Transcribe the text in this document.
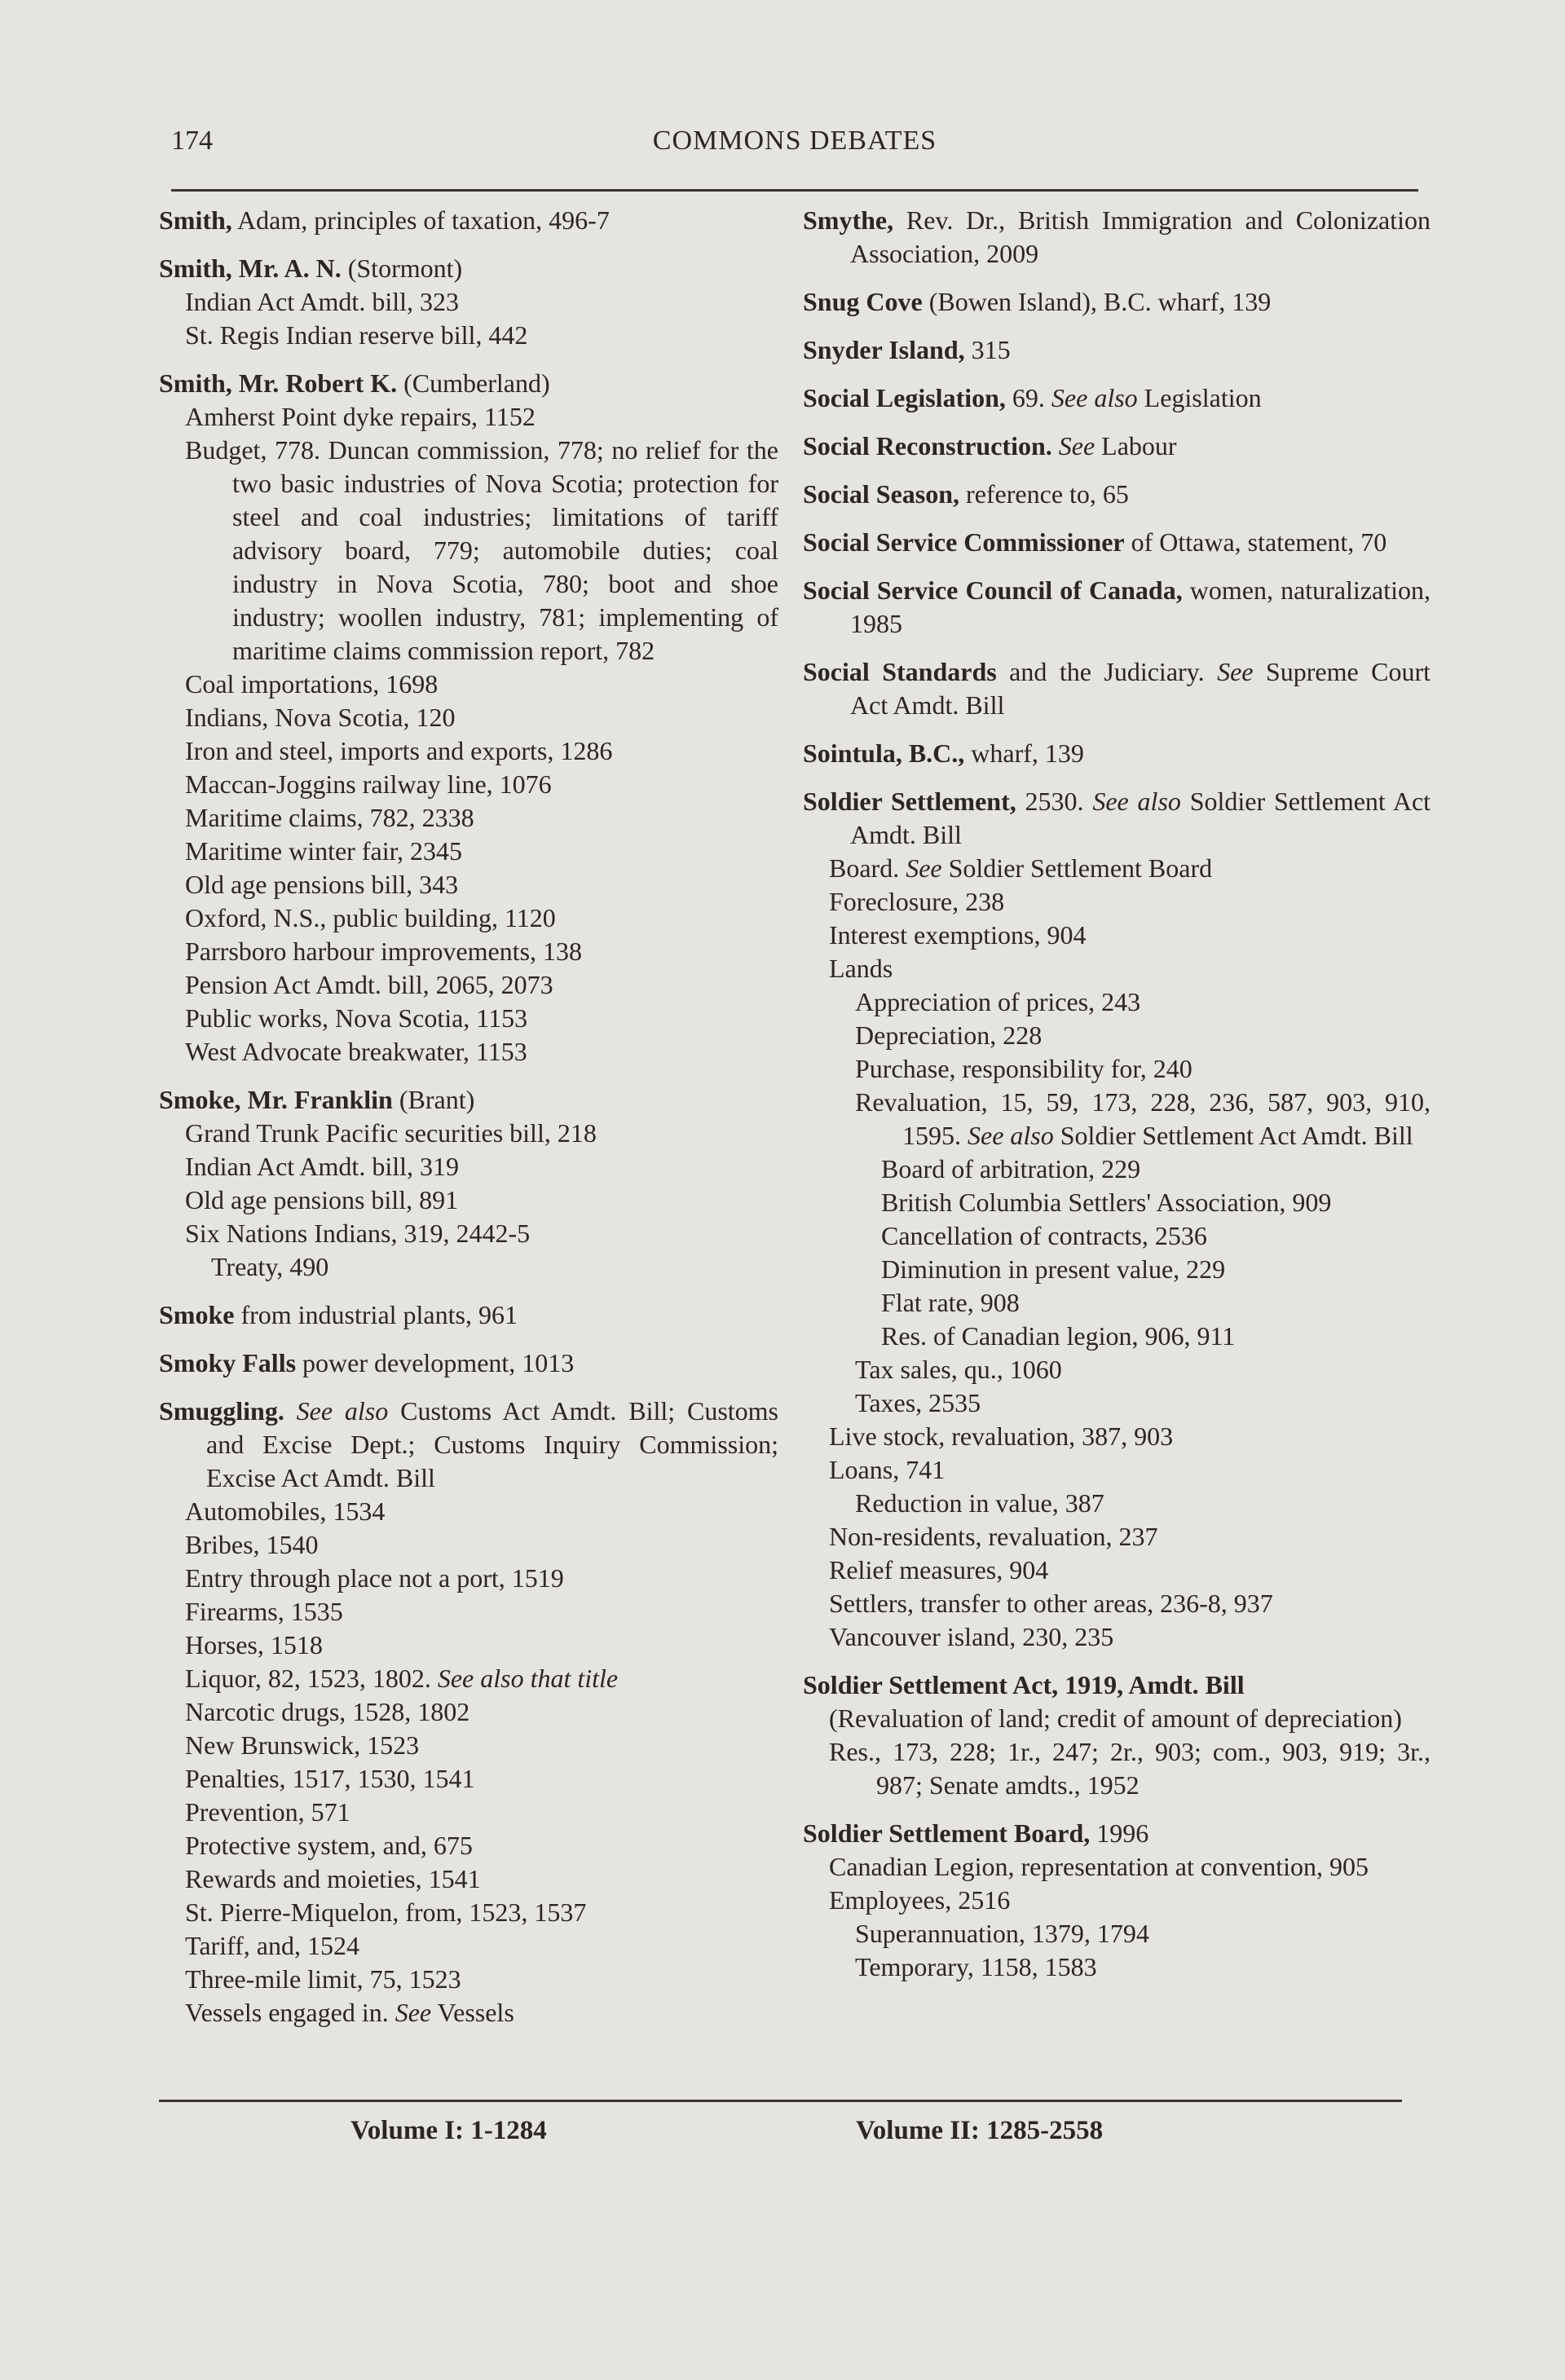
174	COMMONS DEBATES
Smith, Adam, principles of taxation, 496-7
Smith, Mr. A. N. (Stormont)
Indian Act Amdt. bill, 323
St. Regis Indian reserve bill, 442
Smith, Mr. Robert K. (Cumberland)
Amherst Point dyke repairs, 1152
Budget, 778. Duncan commission, 778; no relief for the two basic industries of Nova Scotia; protection for steel and coal industries; limitations of tariff advisory board, 779; automobile duties; coal industry in Nova Scotia, 780; boot and shoe industry; woollen industry, 781; implementing of maritime claims commission report, 782
Coal importations, 1698
Indians, Nova Scotia, 120
Iron and steel, imports and exports, 1286
Maccan-Joggins railway line, 1076
Maritime claims, 782, 2338
Maritime winter fair, 2345
Old age pensions bill, 343
Oxford, N.S., public building, 1120
Parrsboro harbour improvements, 138
Pension Act Amdt. bill, 2065, 2073
Public works, Nova Scotia, 1153
West Advocate breakwater, 1153
Smoke, Mr. Franklin (Brant)
Grand Trunk Pacific securities bill, 218
Indian Act Amdt. bill, 319
Old age pensions bill, 891
Six Nations Indians, 319, 2442-5
Treaty, 490
Smoke from industrial plants, 961
Smoky Falls power development, 1013
Smuggling. See also Customs Act Amdt. Bill; Customs and Excise Dept.; Customs Inquiry Commission; Excise Act Amdt. Bill
Automobiles, 1534
Bribes, 1540
Entry through place not a port, 1519
Firearms, 1535
Horses, 1518
Liquor, 82, 1523, 1802. See also that title
Narcotic drugs, 1528, 1802
New Brunswick, 1523
Penalties, 1517, 1530, 1541
Prevention, 571
Protective system, and, 675
Rewards and moieties, 1541
St. Pierre-Miquelon, from, 1523, 1537
Tariff, and, 1524
Three-mile limit, 75, 1523
Vessels engaged in. See Vessels
Smythe, Rev. Dr., British Immigration and Colonization Association, 2009
Snug Cove (Bowen Island), B.C. wharf, 139
Snyder Island, 315
Social Legislation, 69. See also Legislation
Social Reconstruction. See Labour
Social Season, reference to, 65
Social Service Commissioner of Ottawa, statement, 70
Social Service Council of Canada, women, naturalization, 1985
Social Standards and the Judiciary. See Supreme Court Act Amdt. Bill
Sointula, B.C., wharf, 139
Soldier Settlement, 2530. See also Soldier Settlement Act Amdt. Bill
Board. See Soldier Settlement Board
Foreclosure, 238
Interest exemptions, 904
Lands
Appreciation of prices, 243
Depreciation, 228
Purchase, responsibility for, 240
Revaluation, 15, 59, 173, 228, 236, 587, 903, 910, 1595. See also Soldier Settlement Act Amdt. Bill
Board of arbitration, 229
British Columbia Settlers' Association, 909
Cancellation of contracts, 2536
Diminution in present value, 229
Flat rate, 908
Res. of Canadian legion, 906, 911
Tax sales, qu., 1060
Taxes, 2535
Live stock, revaluation, 387, 903
Loans, 741
Reduction in value, 387
Non-residents, revaluation, 237
Relief measures, 904
Settlers, transfer to other areas, 236-8, 937
Vancouver island, 230, 235
Soldier Settlement Act, 1919, Amdt. Bill
(Revaluation of land; credit of amount of depreciation)
Res., 173, 228; 1r., 247; 2r., 903; com., 903, 919; 3r., 987; Senate amdts., 1952
Soldier Settlement Board, 1996
Canadian Legion, representation at convention, 905
Employees, 2516
Superannuation, 1379, 1794
Temporary, 1158, 1583
Volume I: 1-1284	Volume II: 1285-2558
